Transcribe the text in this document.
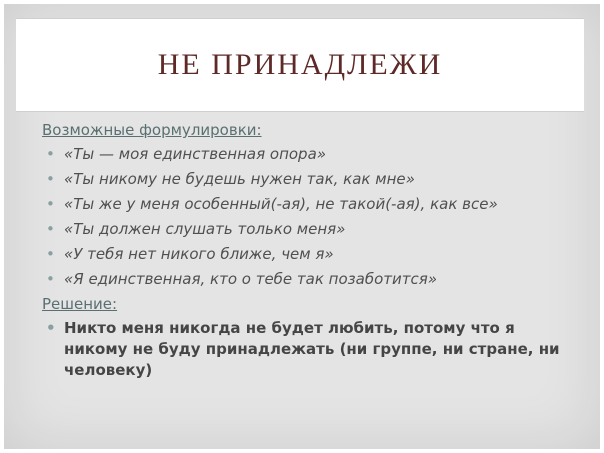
НЕ ПРИНАДЛЕЖИ
Возможные формулировки:
• «Ты — моя единственная опора»
• «Ты никому не будешь нужен так, как мне»
• «Ты же у меня особенный(-ая), не такой(-ая), как все»
• «Ты должен слушать только меня»
• «У тебя нет никого ближе, чем я»
• «Я единственная, кто о тебе так позаботится»
Решение:
• Никто меня никогда не будет любить, потому что я никому не буду принадлежать (ни группе, ни стране, ни человеку)
